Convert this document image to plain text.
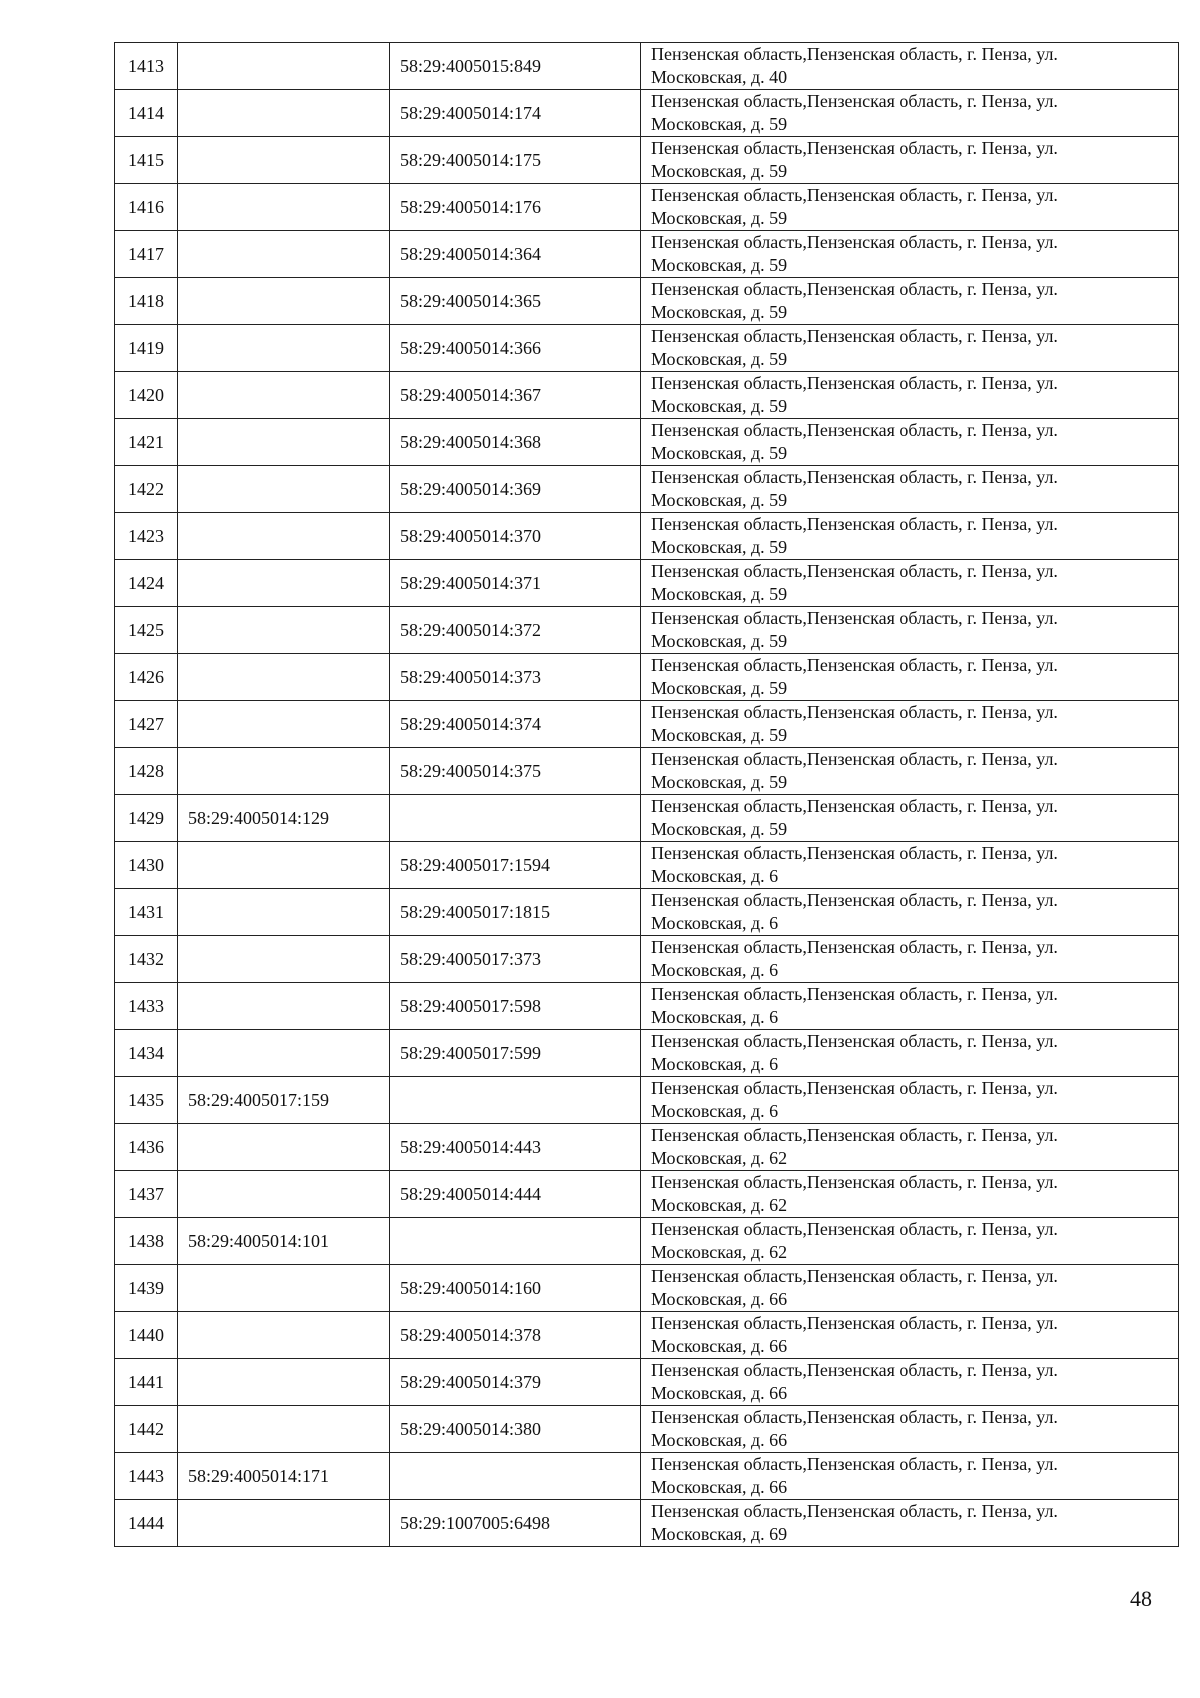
1413		58:29:4005015:849	Пензенская область,Пензенская область, г. Пенза, ул.
Московская, д. 40

1414		58:29:4005014:174	Пензенская область,Пензенская область, г. Пенза, ул.
Московская, д. 59

1415		58:29:4005014:175	Пензенская область,Пензенская область, г. Пенза, ул.
Московская, д. 59

1416		58:29:4005014:176	Пензенская область,Пензенская область, г. Пенза, ул.
Московская, д. 59

1417		58:29:4005014:364	Пензенская область,Пензенская область, г. Пенза, ул.
Московская, д. 59

1418		58:29:4005014:365	Пензенская область,Пензенская область, г. Пенза, ул.
Московская, д. 59

1419		58:29:4005014:366	Пензенская область,Пензенская область, г. Пенза, ул.
Московская, д. 59

1420		58:29:4005014:367	Пензенская область,Пензенская область, г. Пенза, ул.
Московская, д. 59

1421		58:29:4005014:368	Пензенская область,Пензенская область, г. Пенза, ул.
Московская, д. 59

1422		58:29:4005014:369	Пензенская область,Пензенская область, г. Пенза, ул.
Московская, д. 59

1423		58:29:4005014:370	Пензенская область,Пензенская область, г. Пенза, ул.
Московская, д. 59

1424		58:29:4005014:371	Пензенская область,Пензенская область, г. Пенза, ул.
Московская, д. 59

1425		58:29:4005014:372	Пензенская область,Пензенская область, г. Пенза, ул.
Московская, д. 59

1426		58:29:4005014:373	Пензенская область,Пензенская область, г. Пенза, ул.
Московская, д. 59

1427		58:29:4005014:374	Пензенская область,Пензенская область, г. Пенза, ул.
Московская, д. 59

1428		58:29:4005014:375	Пензенская область,Пензенская область, г. Пенза, ул.
Московская, д. 59

1429	58:29:4005014:129		Пензенская область,Пензенская область, г. Пенза, ул.
Московская, д. 59

1430		58:29:4005017:1594	Пензенская область,Пензенская область, г. Пенза, ул.
Московская, д. 6

1431		58:29:4005017:1815	Пензенская область,Пензенская область, г. Пенза, ул.
Московская, д. 6

1432		58:29:4005017:373	Пензенская область,Пензенская область, г. Пенза, ул.
Московская, д. 6

1433		58:29:4005017:598	Пензенская область,Пензенская область, г. Пенза, ул.
Московская, д. 6

1434		58:29:4005017:599	Пензенская область,Пензенская область, г. Пенза, ул.
Московская, д. 6

1435	58:29:4005017:159		Пензенская область,Пензенская область, г. Пенза, ул.
Московская, д. 6

1436		58:29:4005014:443	Пензенская область,Пензенская область, г. Пенза, ул.
Московская, д. 62

1437		58:29:4005014:444	Пензенская область,Пензенская область, г. Пенза, ул.
Московская, д. 62

1438	58:29:4005014:101		Пензенская область,Пензенская область, г. Пенза, ул.
Московская, д. 62

1439		58:29:4005014:160	Пензенская область,Пензенская область, г. Пенза, ул.
Московская, д. 66

1440		58:29:4005014:378	Пензенская область,Пензенская область, г. Пенза, ул.
Московская, д. 66

1441		58:29:4005014:379	Пензенская область,Пензенская область, г. Пенза, ул.
Московская, д. 66

1442		58:29:4005014:380	Пензенская область,Пензенская область, г. Пенза, ул.
Московская, д. 66

1443	58:29:4005014:171		Пензенская область,Пензенская область, г. Пенза, ул.
Московская, д. 66

1444		58:29:1007005:6498	Пензенская область,Пензенская область, г. Пенза, ул.
Московская, д. 69
48
